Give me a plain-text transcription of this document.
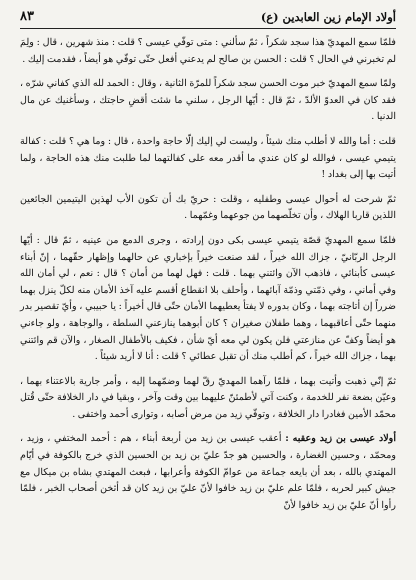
أولاد الإمام زين العابدين (ع)
٨٣

فلمّا سمع المهديّ هذا سجد شكراً ، ثمّ سألني : متى توفّي عيسى ؟ قلت : منذ شهرين ، قال : ولِمَ لم تخبرني في الحال ؟ قلت : الحسن بن صالح لم يدعني أفعل حتّى توفّي هو أيضاً ، فقدمت إليك .

ولمّا سمع المهديّ خبر موت الحسن سجد شكراً للمرّة الثانية ، وقال : الحمد لله الذي كفاني شرّه ، فقد كان في العدوّ الألدّ ، ثمّ قال : أيّها الرجل ، سلني ما شئت أقضِ حاجتك ، وسأغنيك عن مال الدنيا .

قلت : أما والله لا أطلب منك شيئاً ، وليست لي إليك إلّا حاجة واحدة ، قال : وما هي ؟ قلت : كفالة يتيمي عيسى ، فوالله لو كان عندي ما أقدر معه على كفالتهما لما طلبت منك هذه الحاجة ، ولما أتيت بها إلى بغداد !

ثمّ شرحت له أحوال عيسى وطفليه ، وقلت : حريّ بك أن تكون الأب لهذين اليتيمين الجائعين اللذين قاربا الهلاك ، وأن تخلّصهما من جوعهما وغمّهما .

فلمّا سمع المهديّ قصّة يتيمي عيسى بكى دون إرادته ، وجرى الدمع من عينيه ، ثمّ قال : أيّها الرجل الربّانيّ ، جزاك الله خيراً ، لقد صنعت خيراً بإخباري عن حالهما وإظهار حقّهما ، إنّ أبناء عيسى كأبنائي ، فاذهب الآن وائتني بهما . قلت : فهل لهما من أمان ؟ قال : نعم ، لي أمان الله وفي أماني ، وفي ذمّتي وذمّة آبائهما ، وأحلف بلا انقطاع أقسم عليه آخذ الأمان منه لكلّ ينزل بهما ضرراً إن أتاجته بهما ، وكان بدوره لا يفتأ يعطيهما الأمان حتّى قال أخيراً : يا حبيبي ، وأيّ تقصير بدر منهما حتّى أعاقبهما ، وهما طفلان صغيران ؟ كان أبوهما ينازعني السلطة ، والوجاهة ، ولو جاءني هو أيضاً وكفّ عن منازعتي فلن يكون لي معه أيّ شأن ، فكيف بالأطفال الصغار ، والآن قم وائتني بهما ، جزاك الله خيراً ، كم أطلب منك أن تقبل عطائي ؟ قلت : أنا لا أريد شيئاً .

ثمّ إنّي ذهبت وأتيت بهما ، فلمّا رآهما المهديّ رقّ لهما وضمّهما إليه ، وأمر جارية بالاعتناء بهما ، وعيّن بضعة نفر للخدمة ، وكنت آتي لأطمئنّ عليهما بين وقت وآخر ، وبقيا في دار الخلافة حتّى قُتل محمّد الأمين فغادرا دار الخلافة ، وتوفّي زيد من مرض أصابه ، وتوارى أحمد واختفى .

أولاد عيسى بن زيد وعقبه : أعقب عيسى بن زيد من أربعة أبناء ، هم : أحمد المختفي ، وزيد ، ومحمّد ، وحسين الغضارة ، والحسين هو جدّ عليّ بن زيد بن الحسين الذي خرج بالكوفة في أيّام المهتدي بالله ، بعد أن بايعه جماعة من عوامّ الكوفة وأعرابها ، فبعث المهتدي بشاه بن ميكال مع جيش كبير لحربه ، فلمّا علم عليّ بن زيد خافوا لأنّ عليّ بن زيد كان قد أثخن أصحاب الخبر ، فلمّا رأوا أنّ عليّ بن زيد خافوا لأنّ
